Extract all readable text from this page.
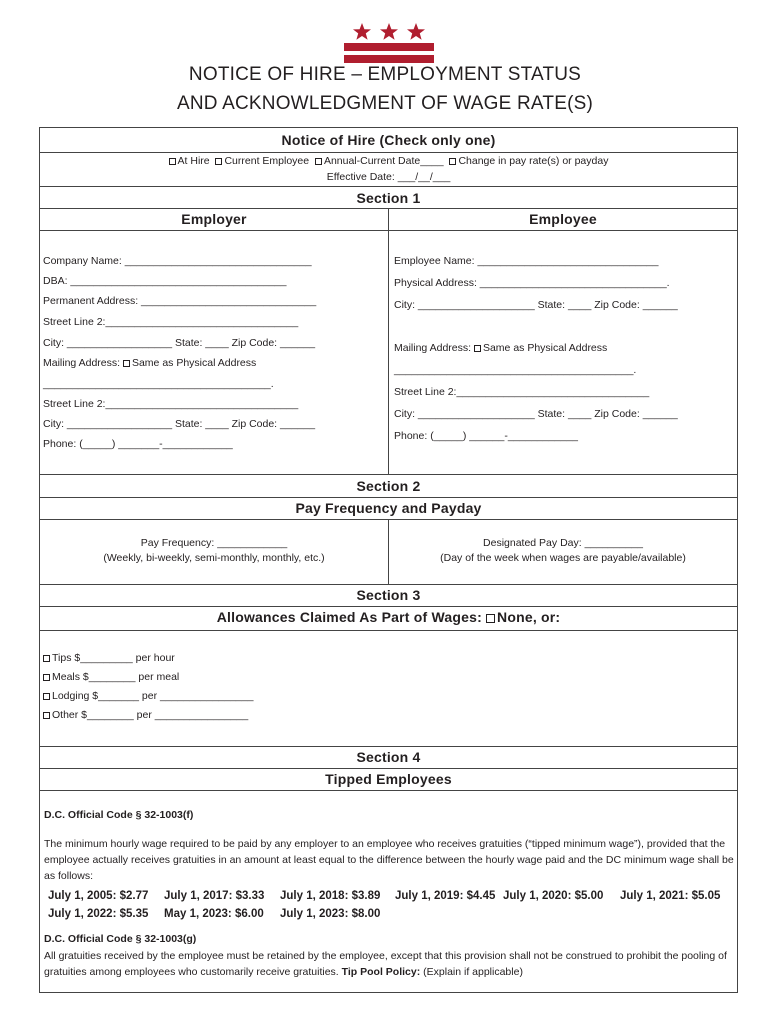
NOTICE OF HIRE – EMPLOYMENT STATUS
AND ACKNOWLEDGMENT OF WAGE RATE(S)
Notice of Hire (Check only one)
At Hire Current Employee Annual-Current Date____ Change in pay rate(s) or payday
Effective Date: ___/__/___
Section 1
Employer	Employee
Company Name: ________________________________
DBA: _____________________________________
Permanent Address: ______________________________
Street Line 2:_________________________________
City: __________________ State: ____ Zip Code: ______
Mailing Address: Same as Physical Address
_______________________________________.
Street Line 2:_________________________________
City: __________________ State: ____ Zip Code: ______
Phone: (_____) _______-____________
Employee Name: _______________________________
Physical Address: ________________________________.
City: ____________________ State: ____ Zip Code: ______
Mailing Address: Same as Physical Address
_________________________________________.
Street Line 2:_________________________________
City: ____________________ State: ____ Zip Code: ______
Phone: (_____) ______-____________
Section 2
Pay Frequency and Payday
Pay Frequency: ____________
(Weekly, bi-weekly, semi-monthly, monthly, etc.)
Designated Pay Day: __________
(Day of the week when wages are payable/available)
Section 3
Allowances Claimed As Part of Wages: None, or:
Tips $_________ per hour
Meals $________ per meal
Lodging $_______ per ________________
Other $________ per ________________
Section 4
Tipped Employees
D.C. Official Code § 32-1003(f)
The minimum hourly wage required to be paid by any employer to an employee who receives gratuities (“tipped minimum wage”), provided that the employee actually receives gratuities in an amount at least equal to the difference between the hourly wage paid and the DC minimum wage shall be as follows:
July 1, 2005: $2.77 July 1, 2017: $3.33 July 1, 2018: $3.89 July 1, 2019: $4.45 July 1, 2020: $5.00 July 1, 2021: $5.05
July 1, 2022: $5.35 May 1, 2023: $6.00 July 1, 2023: $8.00
D.C. Official Code § 32-1003(g)
All gratuities received by the employee must be retained by the employee, except that this provision shall not be construed to prohibit the pooling of gratuities among employees who customarily receive gratuities. Tip Pool Policy: (Explain if applicable)
